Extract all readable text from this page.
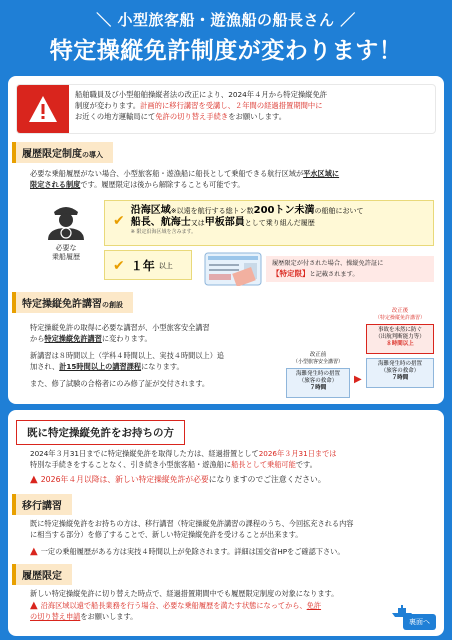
＼ 小型旅客船・遊漁船の船長さん ／
特定操縦免許制度が変わります！
船舶職員及び小型船舶操縦者法の改正により、2024年４月から特定操縦免許
制度が変わります。計画的に移行講習を受講し、２年間の経過措置期間中に
お近くの地方運輸局にて免許の切り替え手続きをお願いします。
履歴限定制度の導入
必要な乗船履歴がない場合、小型旅客船・遊漁船に船長として乗船できる航行区域が平水区域に
限定される制度です。履歴限定は後から解除することも可能です。
必要な
乗船履歴
✔
沿海区域※以遠を航行する総トン数200トン未満の船舶において
船長、航海士又は甲板部員として乗り組んだ履歴
※ 限定沿海区域を含みます。
✔ １年 以上	履歴限定が付された場合、操縦免許証に
【特定限】と記載されます。
特定操縦免許講習の創設
特定操縦免許の取得に必要な講習が、小型旅客安全講習
から特定操縦免許講習に変わります。
新講習は８時間以上（学科４時間以上、実技４時間以上）追
加され、計15時間以上の講習課程になります。
また、修了試験の合格者にのみ修了証が交付されます。
改正前
（小型旅客安全講習）
海難発生時の措置
（旅客の救命）
７時間
▶
改正後
（特定操縦免許講習）
事故を未然に防ぐ
（出航判断能力等）
８時間以上
海難発生時の措置
（旅客の救命）
７時間
既に特定操縦免許をお持ちの方
2024年３月31日までに特定操縦免許を取得した方は、経過措置として2026年３月31日までは
特別な手続きをすることなく、引き続き小型旅客船・遊漁船に船長として乗船可能です。
▲ 2026年４月以降は、新しい特定操縦免許が必要になりますのでご注意ください。
移行講習
既に特定操縦免許をお持ちの方は、移行講習（特定操縦免許講習の課程のうち、今回拡充される内容
に相当する部分）を修了することで、新しい特定操縦免許を受けることが出来ます。
▲ 一定の乗船履歴がある方は実技４時間以上が免除されます。詳細は国交省HPをご確認下さい。
履歴限定
新しい特定操縦免許に切り替えた時点で、経過措置期間中でも履歴限定制度の対象になります。
▲ 沿海区域以遠で船長業務を行う場合、必要な乗船履歴を満たす状態になってから、免許
の切り替え申請をお願いします。
裏面へ
